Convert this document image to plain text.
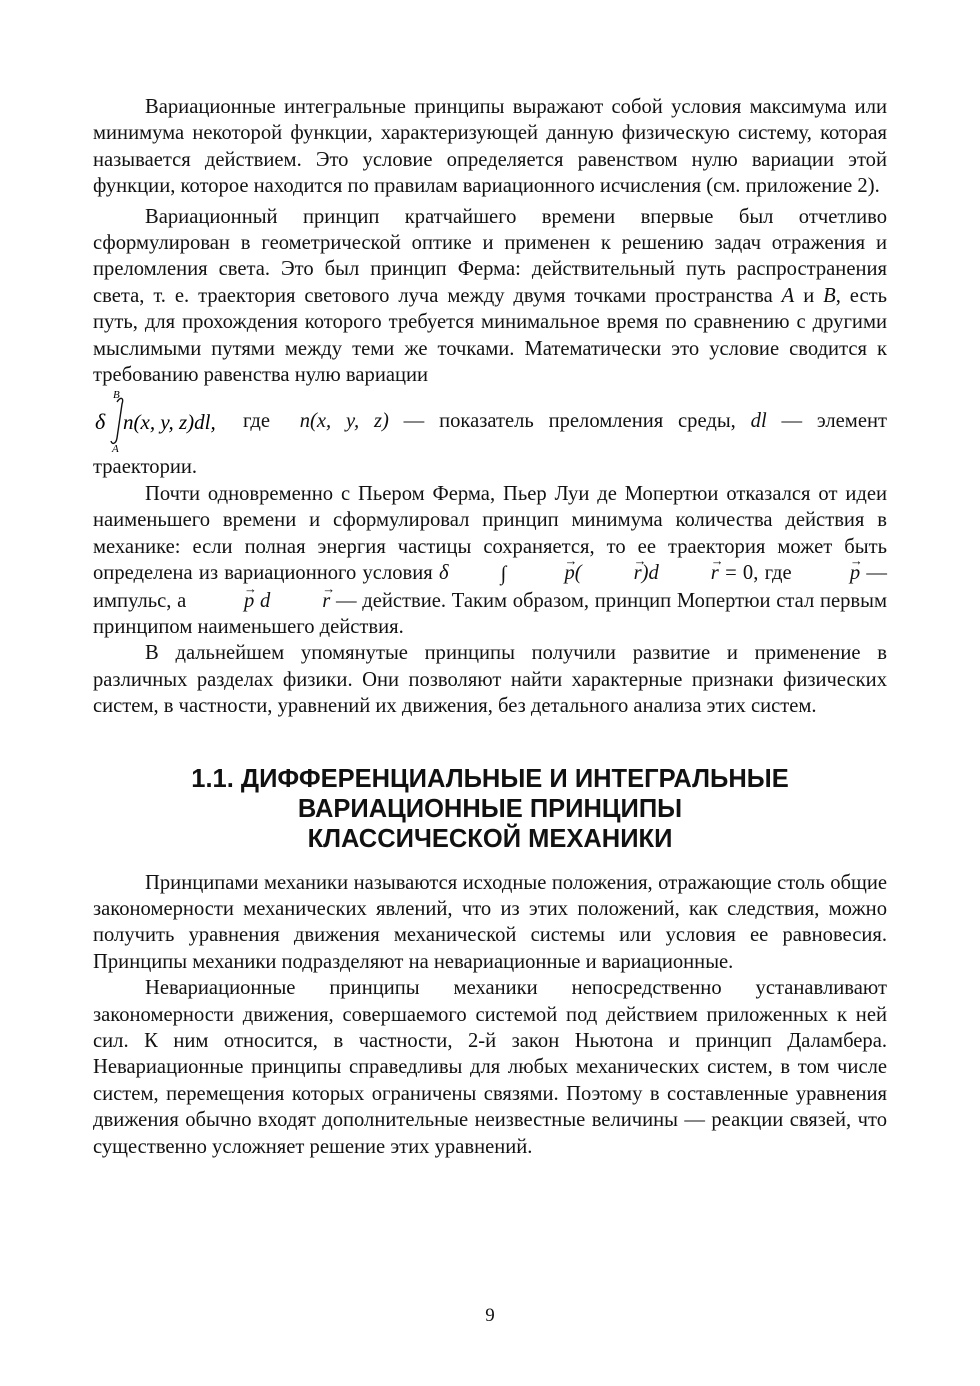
Вариационные интегральные принципы выражают собой условия максимума или минимума некоторой функции, характеризующей данную физическую систему, которая называется действием. Это условие определяется равенством нулю вариации этой функции, которое находится по правилам вариационного исчисления (см. приложение 2).

Вариационный принцип кратчайшего времени впервые был отчетливо сформулирован в геометрической оптике и применен к решению задач отражения и преломления света. Это был принцип Ферма: действительный путь распространения света, т. е. траектория светового луча между двумя точками пространства A и B, есть путь, для прохождения которого требуется минимальное время по сравнению с другими мыслимыми путями между теми же точками. Математически это условие сводится к требованию равенства нулю вариации

δ
B
A
n(x, y, z)dl, где n(x, y, z) — показатель преломления среды, dl — элемент

траектории.

Почти одновременно с Пьером Ферма, Пьер Луи де Мопертюи отказался от идеи наименьшего времени и сформулировал принцип минимума количества действия в механике: если полная энергия частицы сохраняется, то ее траектория может быть определена из вариационного условия δ	∫	→ p(	→ r)d	→ r = 0, где	→ p — импульс, а	→ p d	→ r — действие. Таким образом, принцип Мопертюи стал первым принципом наименьшего действия.

В дальнейшем упомянутые принципы получили развитие и применение в различных разделах физики. Они позволяют найти характерные признаки физических систем, в частности, уравнений их движения, без детального анализа этих систем.

1.1. ДИФФЕРЕНЦИАЛЬНЫЕ И ИНТЕГРАЛЬНЫЕ
ВАРИАЦИОННЫЕ ПРИНЦИПЫ
КЛАССИЧЕСКОЙ МЕХАНИКИ

Принципами механики называются исходные положения, отражающие столь общие закономерности механических явлений, что из этих положений, как следствия, можно получить уравнения движения механической системы или условия ее равновесия. Принципы механики подразделяют на невариационные и вариационные.

Невариационные принципы механики непосредственно устанавливают закономерности движения, совершаемого системой под действием приложенных к ней сил. К ним относится, в частности, 2-й закон Ньютона и принцип Даламбера. Невариационные принципы справедливы для любых механических систем, в том числе систем, перемещения которых ограничены связями. Поэтому в составленные уравнения движения обычно входят дополнительные неизвестные величины — реакции связей, что существенно усложняет решение этих уравнений.

9
